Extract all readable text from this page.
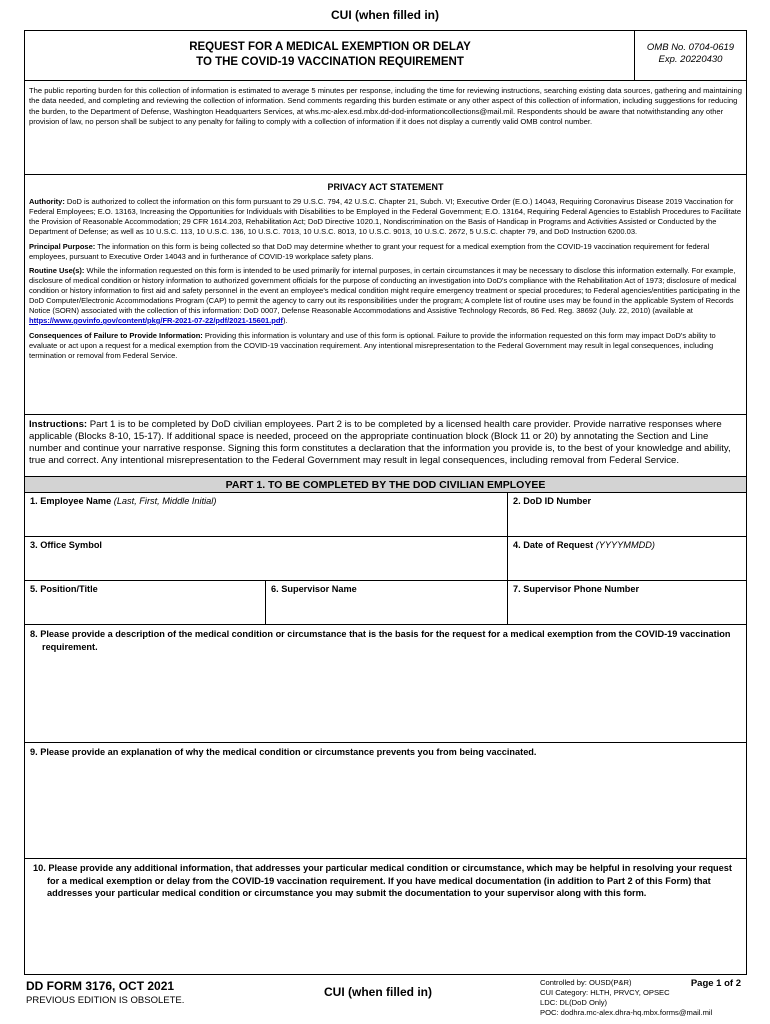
CUI (when filled in)
REQUEST FOR A MEDICAL EXEMPTION OR DELAY
TO THE COVID-19 VACCINATION REQUIREMENT
OMB No. 0704-0619
Exp. 20220430
The public reporting burden for this collection of information is estimated to average 5 minutes per response, including the time for reviewing instructions, searching existing data sources, gathering and maintaining the data needed, and completing and reviewing the collection of information. Send comments regarding this burden estimate or any other aspect of this collection of information, including suggestions for reducing the burden, to the Department of Defense, Washington Headquarters Services, at whs.mc-alex.esd.mbx.dd-dod-informationcollections@mail.mil. Respondents should be aware that notwithstanding any other provision of law, no person shall be subject to any penalty for failing to comply with a collection of information if it does not display a currently valid OMB control number.
PRIVACY ACT STATEMENT

Authority: DoD is authorized to collect the information on this form pursuant to 29 U.S.C. 794, 42 U.S.C. Chapter 21, Subch. VI; Executive Order (E.O.) 14043, Requiring Coronavirus Disease 2019 Vaccination for Federal Employees; E.O. 13163, Increasing the Opportunities for Individuals with Disabilities to be Employed in the Federal Government; E.O. 13164, Requiring Federal Agencies to Establish Procedures to Facilitate the Provision of Reasonable Accommodation; 29 CFR 1614.203, Rehabilitation Act; DoD Directive 1020.1, Nondiscrimination on the Basis of Handicap in Programs and Activities Assisted or Conducted by the Department of Defense; as well as 10 U.S.C. 113, 10 U.S.C. 136, 10 U.S.C. 7013, 10 U.S.C. 8013, 10 U.S.C. 9013, 10 U.S.C. 2672, 5 U.S.C. chapter 79, and DoD Instruction 6200.03.

Principal Purpose: The information on this form is being collected so that DoD may determine whether to grant your request for a medical exemption from the COVID-19 vaccination requirement for federal employees, pursuant to Executive Order 14043 and in furtherance of COVID-19 workplace safety plans.

Routine Use(s): While the information requested on this form is intended to be used primarily for internal purposes, in certain circumstances it may be necessary to disclose this information externally. For example, disclosure of medical condition or history information to authorized government officials for the purpose of conducting an investigation into DoD's compliance with the Rehabilitation Act of 1973; disclosure of medical condition or history information to first aid and safety personnel in the event an employee's medical condition might require emergency treatment or special procedures; to Federal agencies/entities participating in the DoD Computer/Electronic Accommodations Program (CAP) to permit the agency to carry out its responsibilities under the program; A complete list of routine uses may be found in the applicable System of Records Notice (SORN) associated with the collection of this information: DoD 0007, Defense Reasonable Accommodations and Assistive Technology Records, 86 Fed. Reg. 38692 (July. 22, 2010) (available at https://www.govinfo.gov/content/pkg/FR-2021-07-22/pdf/2021-15601.pdf).

Consequences of Failure to Provide Information: Providing this information is voluntary and use of this form is optional. Failure to provide the information requested on this form may impact DoD's ability to evaluate or act upon a request for a medical exemption from the COVID-19 vaccination requirement. Any intentional misrepresentation to the Federal Government may result in legal consequences, including termination or removal from Federal Service.

Instructions: Part 1 is to be completed by DoD civilian employees. Part 2 is to be completed by a licensed health care provider. Provide narrative responses where applicable (Blocks 8-10, 15-17). If additional space is needed, proceed on the appropriate continuation block (Block 11 or 20) by annotating the Section and Line number and continue your narrative response. Signing this form constitutes a declaration that the information you provide is, to the best of your knowledge and ability, true and correct. Any intentional misrepresentation to the Federal Government may result in legal consequences, including removal from Federal Service.
PART 1. TO BE COMPLETED BY THE DOD CIVILIAN EMPLOYEE
1. Employee Name (Last, First, Middle Initial)	2. DoD ID Number
3. Office Symbol	4. Date of Request (YYYYMMDD)
5. Position/Title	6. Supervisor Name	7. Supervisor Phone Number
8. Please provide a description of the medical condition or circumstance that is the basis for the request for a medical exemption from the COVID-19 vaccination requirement.
9. Please provide an explanation of why the medical condition or circumstance prevents you from being vaccinated.
10. Please provide any additional information, that addresses your particular medical condition or circumstance, which may be helpful in resolving your request for a medical exemption or delay from the COVID-19 vaccination requirement. If you have medical documentation (in addition to Part 2 of this Form) that addresses your particular medical condition or circumstance you may submit the documentation to your supervisor along with this form.
DD FORM 3176, OCT 2021
PREVIOUS EDITION IS OBSOLETE.
CUI (when filled in)
Controlled by: OUSD(P&R)
CUI Category: HLTH, PRVCY, OPSEC
LDC: DL(DoD Only)
POC: dodhra.mc-alex.dhra-hq.mbx.forms@mail.mil
Page 1 of 2
